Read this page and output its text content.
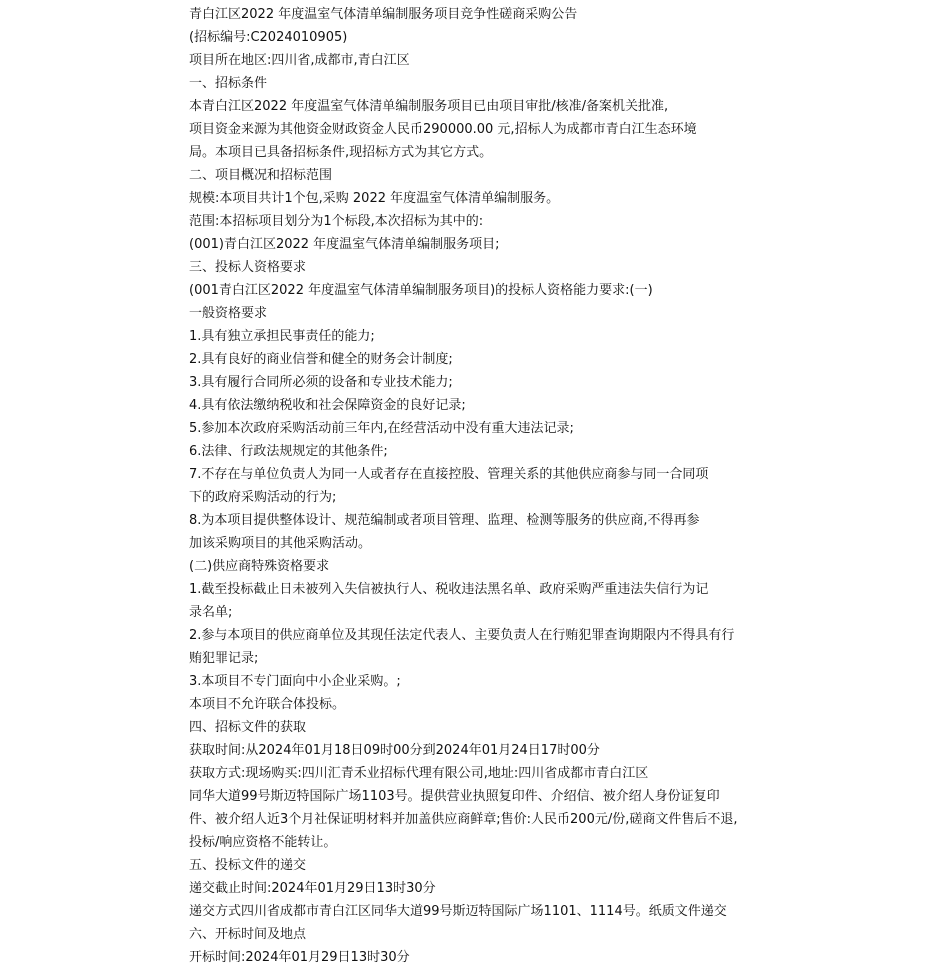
青白江区2022 年度温室气体清单编制服务项目竞争性磋商采购公告
(招标编号:C2024010905)
项目所在地区:四川省,成都市,青白江区
一、招标条件
本青白江区2022 年度温室气体清单编制服务项目已由项目审批/核准/备案机关批准,
项目资金来源为其他资金财政资金人民币290000.00 元,招标人为成都市青白江生态环境
局。本项目已具备招标条件,现招标方式为其它方式。
二、项目概况和招标范围
规模:本项目共计1个包,采购 2022 年度温室气体清单编制服务。
范围:本招标项目划分为1个标段,本次招标为其中的:
(001)青白江区2022 年度温室气体清单编制服务项目;
三、投标人资格要求
(001青白江区2022 年度温室气体清单编制服务项目)的投标人资格能力要求:(一)
一般资格要求
1.具有独立承担民事责任的能力;
2.具有良好的商业信誉和健全的财务会计制度;
3.具有履行合同所必须的设备和专业技术能力;
4.具有依法缴纳税收和社会保障资金的良好记录;
5.参加本次政府采购活动前三年内,在经营活动中没有重大违法记录;
6.法律、行政法规规定的其他条件;
7.不存在与单位负责人为同一人或者存在直接控股、管理关系的其他供应商参与同一合同项
下的政府采购活动的行为;
8.为本项目提供整体设计、规范编制或者项目管理、监理、检测等服务的供应商,不得再参
加该采购项目的其他采购活动。
(二)供应商特殊资格要求
1.截至投标截止日未被列入失信被执行人、税收违法黑名单、政府采购严重违法失信行为记
录名单;
2.参与本项目的供应商单位及其现任法定代表人、主要负责人在行贿犯罪查询期限内不得具有行
贿犯罪记录;
3.本项目不专门面向中小企业采购。;
本项目不允许联合体投标。
四、招标文件的获取
获取时间:从2024年01月18日09时00分到2024年01月24日17时00分
获取方式:现场购买:四川汇青禾业招标代理有限公司,地址:四川省成都市青白江区
同华大道99号斯迈特国际广场1103号。提供营业执照复印件、介绍信、被介绍人身份证复印
件、被介绍人近3个月社保证明材料并加盖供应商鲜章;售价:人民币200元/份,磋商文件售后不退,
投标/响应资格不能转让。
五、投标文件的递交
递交截止时间:2024年01月29日13时30分
递交方式四川省成都市青白江区同华大道99号斯迈特国际广场1101、1114号。纸质文件递交
六、开标时间及地点
开标时间:2024年01月29日13时30分
